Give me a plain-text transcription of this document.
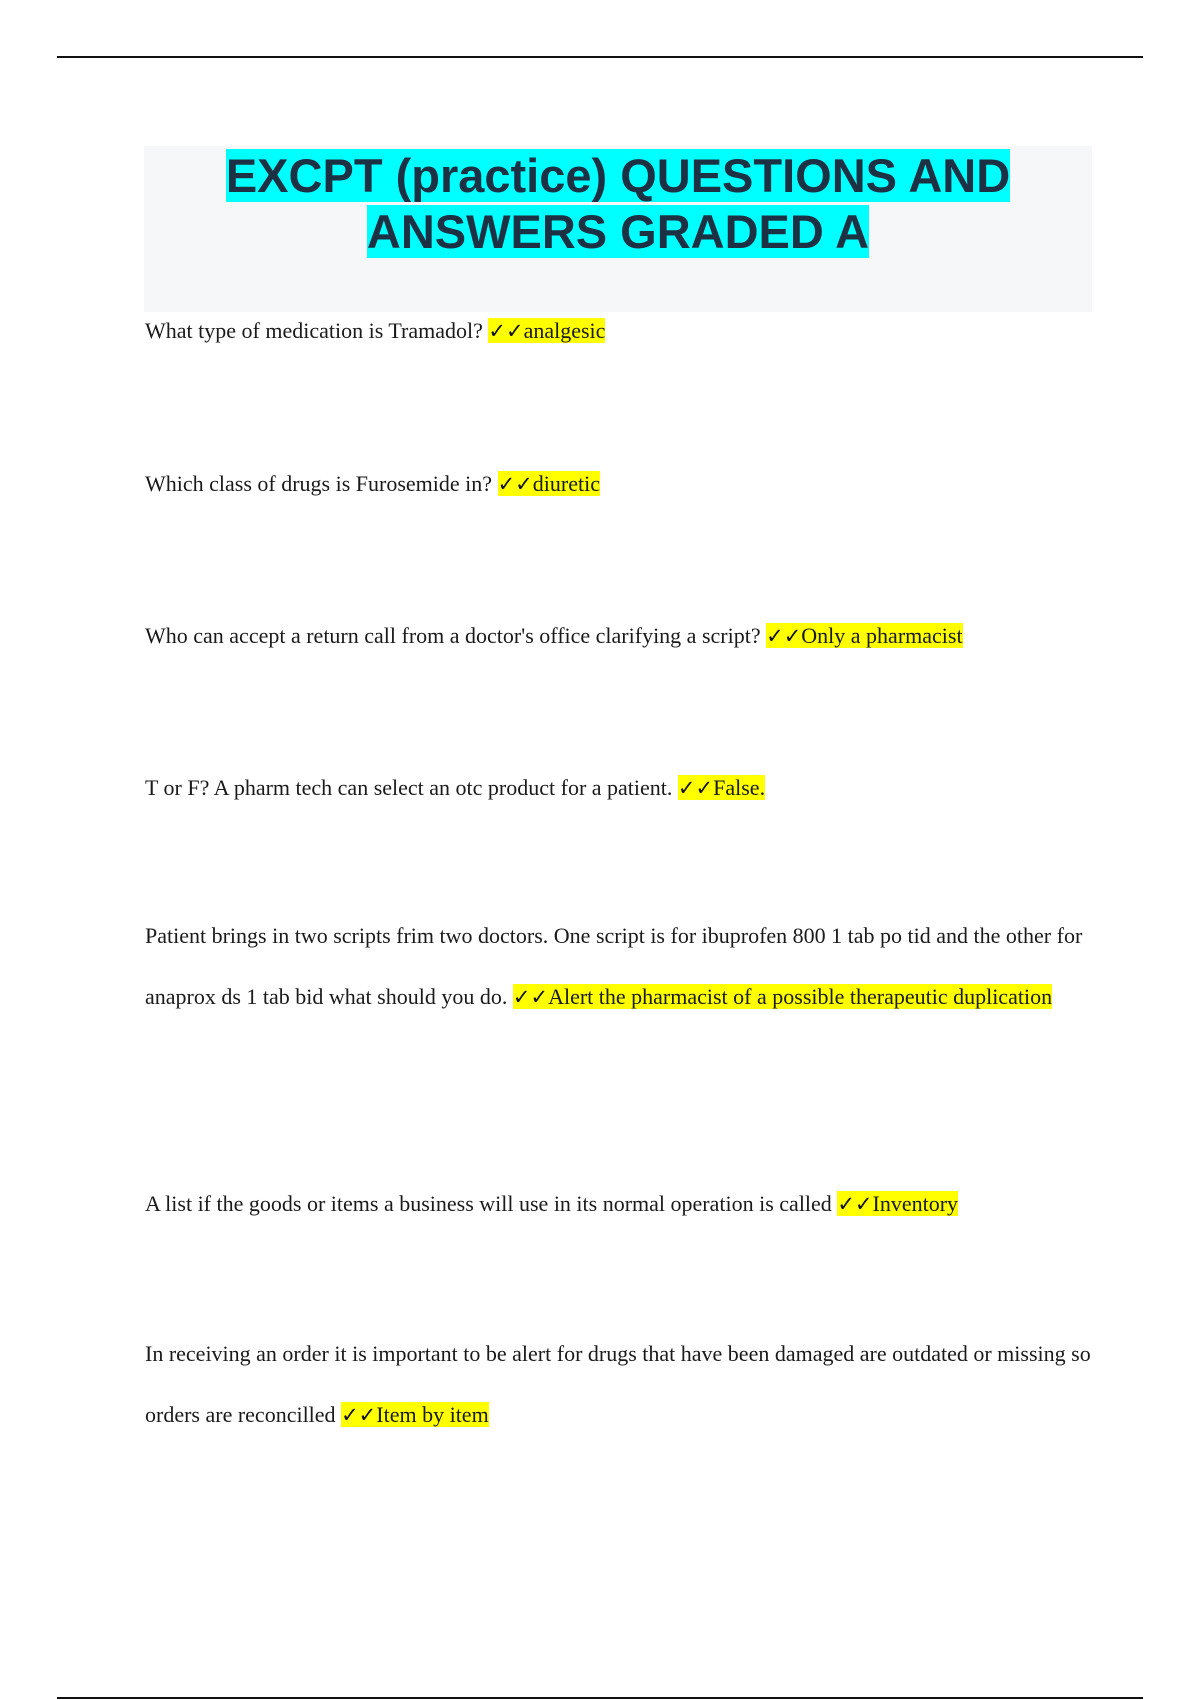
EXCPT (practice) QUESTIONS AND ANSWERS GRADED A

What type of medication is Tramadol? ✓✓analgesic

Which class of drugs is Furosemide in? ✓✓diuretic

Who can accept a return call from a doctor's office clarifying a script? ✓✓Only a pharmacist

T or F? A pharm tech can select an otc product for a patient. ✓✓False.

Patient brings in two scripts frim two doctors. One script is for ibuprofen 800 1 tab po tid and the other for anaprox ds 1 tab bid what should you do. ✓✓Alert the pharmacist of a possible therapeutic duplication

A list if the goods or items a business will use in its normal operation is called ✓✓Inventory

In receiving an order it is important to be alert for drugs that have been damaged are outdated or missing so orders are reconcilled ✓✓Item by item
